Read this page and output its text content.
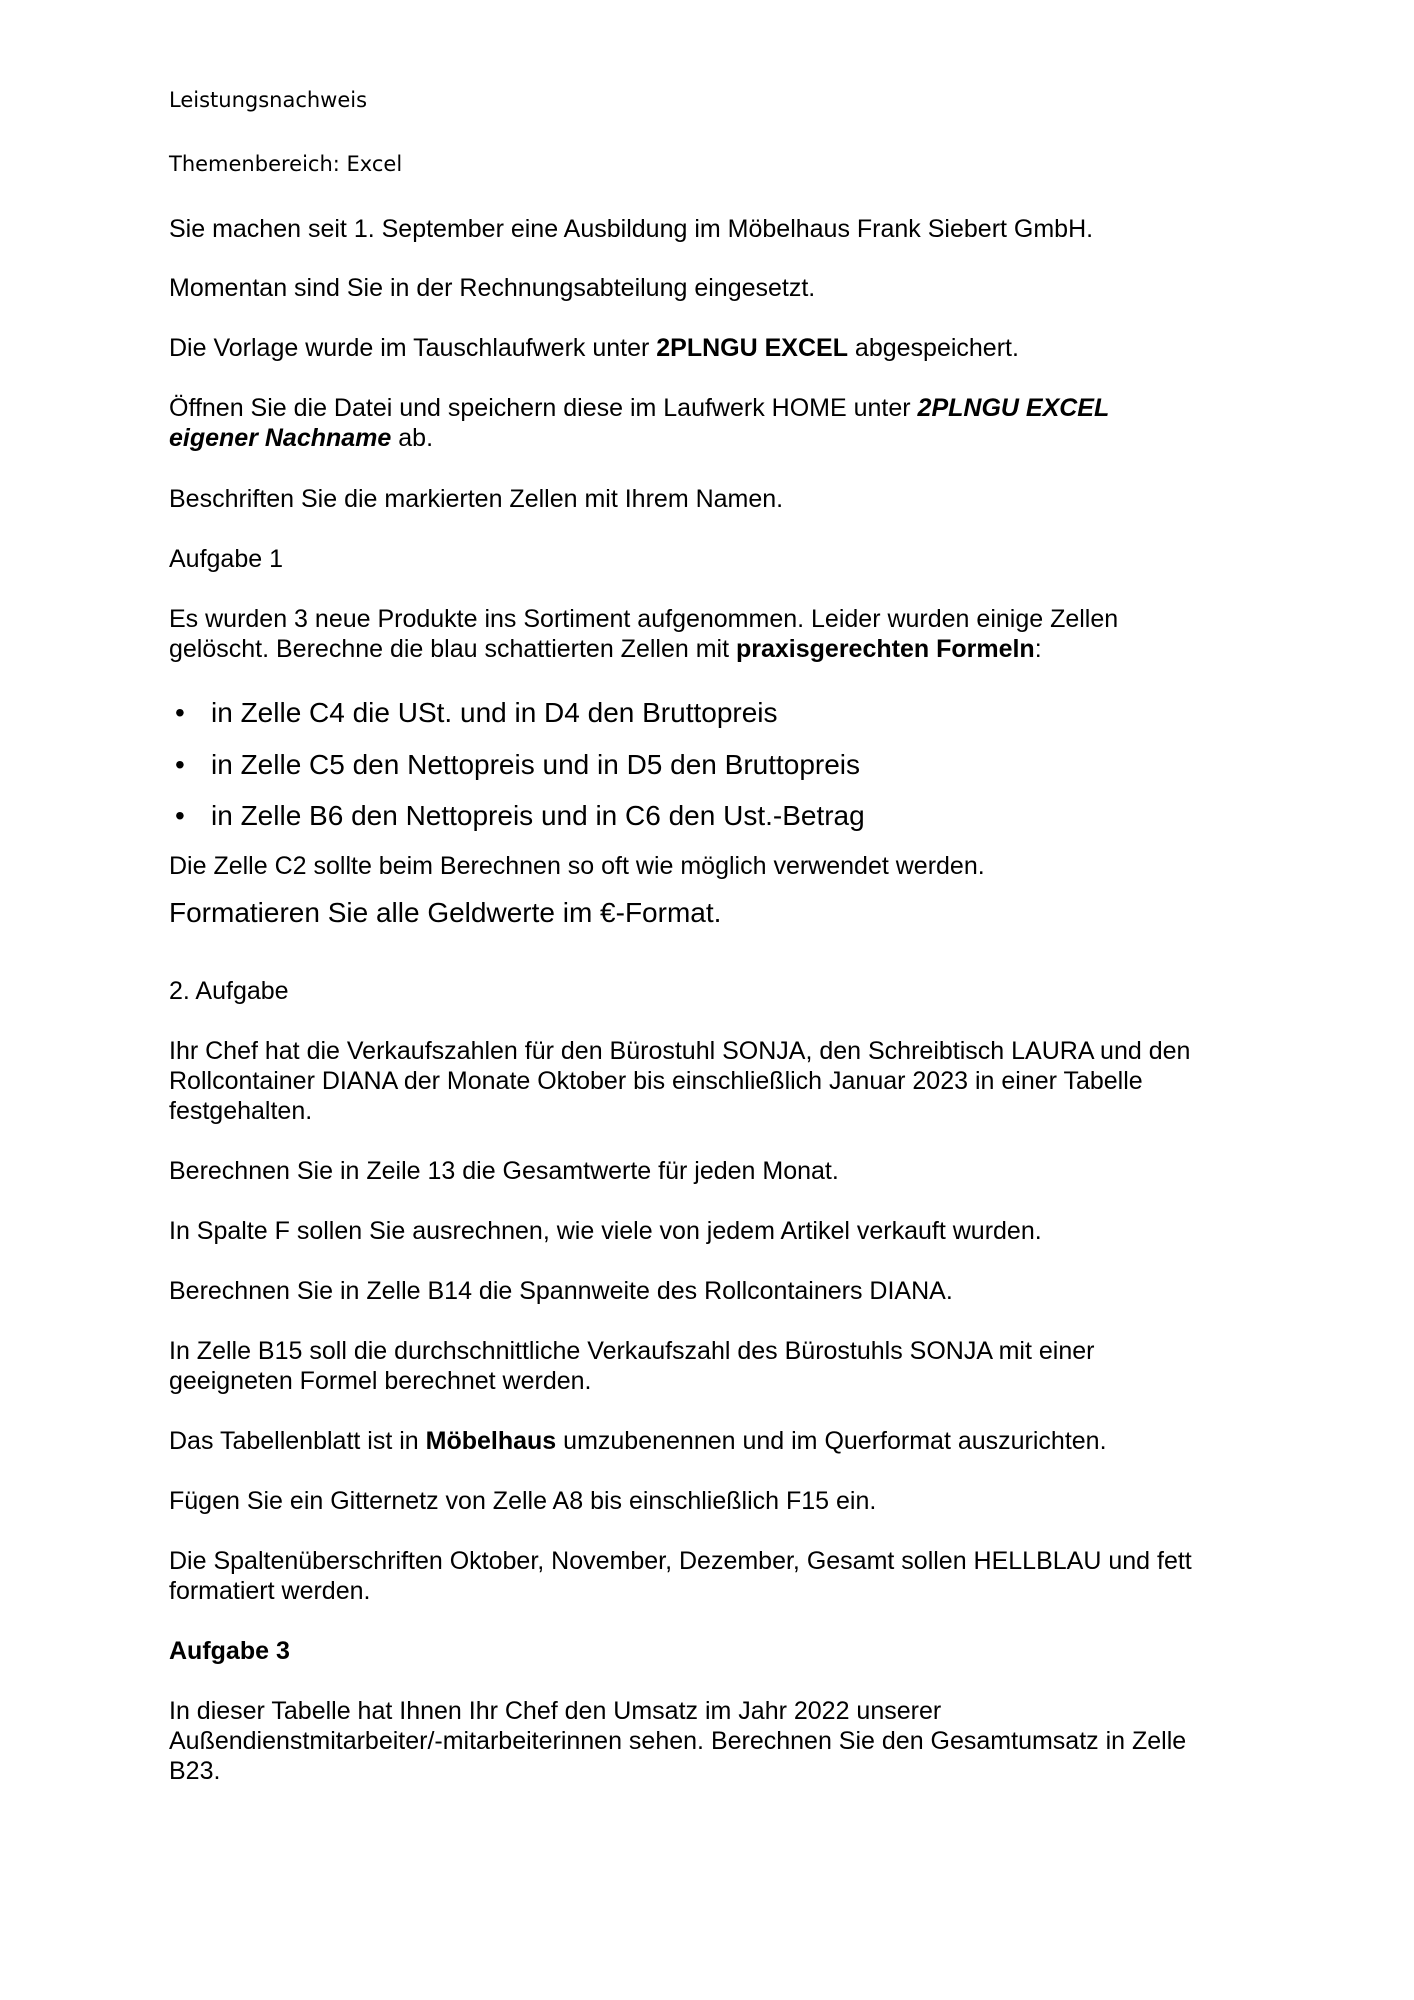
Leistungsnachweis
Themenbereich: Excel
Sie machen seit 1. September eine Ausbildung im Möbelhaus Frank Siebert GmbH.
Momentan sind Sie in der Rechnungsabteilung eingesetzt.
Die Vorlage wurde im Tauschlaufwerk unter 2PLNGU EXCEL abgespeichert.
Öffnen Sie die Datei und speichern diese im Laufwerk HOME unter 2PLNGU EXCEL
eigener Nachname ab.
Beschriften Sie die markierten Zellen mit Ihrem Namen.
Aufgabe 1
Es wurden 3 neue Produkte ins Sortiment aufgenommen. Leider wurden einige Zellen
gelöscht. Berechne die blau schattierten Zellen mit praxisgerechten Formeln:
• in Zelle C4 die USt. und in D4 den Bruttopreis
• in Zelle C5 den Nettopreis und in D5 den Bruttopreis
• in Zelle B6 den Nettopreis und in C6 den Ust.-Betrag
Die Zelle C2 sollte beim Berechnen so oft wie möglich verwendet werden.
Formatieren Sie alle Geldwerte im €-Format.
2. Aufgabe
Ihr Chef hat die Verkaufszahlen für den Bürostuhl SONJA, den Schreibtisch LAURA und den
Rollcontainer DIANA der Monate Oktober bis einschließlich Januar 2023 in einer Tabelle
festgehalten.
Berechnen Sie in Zeile 13 die Gesamtwerte für jeden Monat.
In Spalte F sollen Sie ausrechnen, wie viele von jedem Artikel verkauft wurden.
Berechnen Sie in Zelle B14 die Spannweite des Rollcontainers DIANA.
In Zelle B15 soll die durchschnittliche Verkaufszahl des Bürostuhls SONJA mit einer
geeigneten Formel berechnet werden.
Das Tabellenblatt ist in Möbelhaus umzubenennen und im Querformat auszurichten.
Fügen Sie ein Gitternetz von Zelle A8 bis einschließlich F15 ein.
Die Spaltenüberschriften Oktober, November, Dezember, Gesamt sollen HELLBLAU und fett
formatiert werden.
Aufgabe 3
In dieser Tabelle hat Ihnen Ihr Chef den Umsatz im Jahr 2022 unserer
Außendienstmitarbeiter/-mitarbeiterinnen sehen. Berechnen Sie den Gesamtumsatz in Zelle
B23.
